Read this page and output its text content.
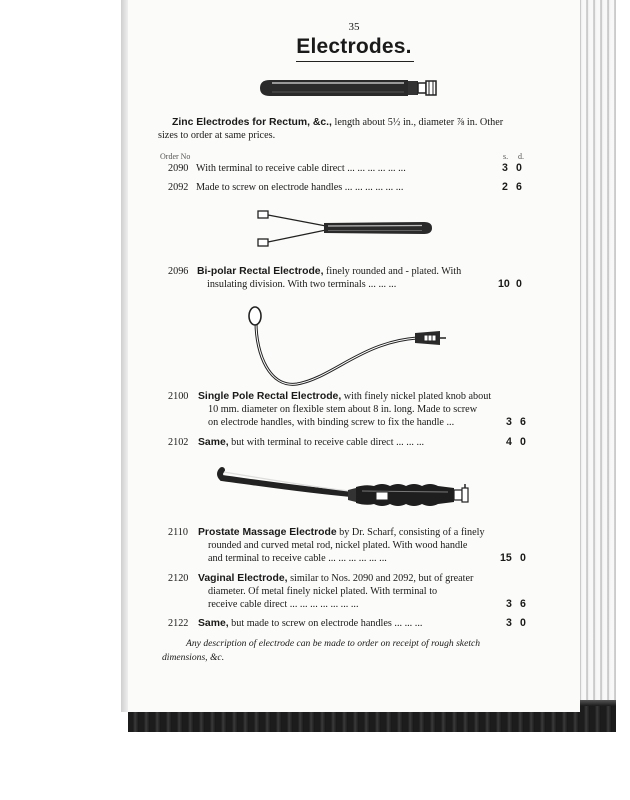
35
Electrodes.
Zinc Electrodes for Rectum, &c., length about 5½ in., diameter ⅞ in. Other
sizes to order at same prices.
Order No	s. d.
2090 With terminal to receive cable direct ... ... ... ... ... ...	3 0
2092 Made to screw on electrode handles ... ... ... ... ... ...	2 6
2096 Bi-polar Rectal Electrode, finely rounded and - plated. With
insulating division. With two terminals ... ... ...	10 0
2100 Single Pole Rectal Electrode, with finely nickel plated knob about
10 mm. diameter on flexible stem about 8 in. long. Made to screw
on electrode handles, with binding screw to fix the handle ...	3 6
2102 Same, but with terminal to receive cable direct ... ... ...	4 0
2110 Prostate Massage Electrode by Dr. Scharf, consisting of a finely
rounded and curved metal rod, nickel plated. With wood handle
and terminal to receive cable ... ... ... ... ... ...	15 0
2120 Vaginal Electrode, similar to Nos. 2090 and 2092, but of greater
diameter. Of metal finely nickel plated. With terminal to
receive cable direct ... ... ... ... ... ... ...	3 6
2122 Same, but made to screw on electrode handles ... ... ...	3 0
Any description of electrode can be made to order on receipt of rough sketch
dimensions, &c.
